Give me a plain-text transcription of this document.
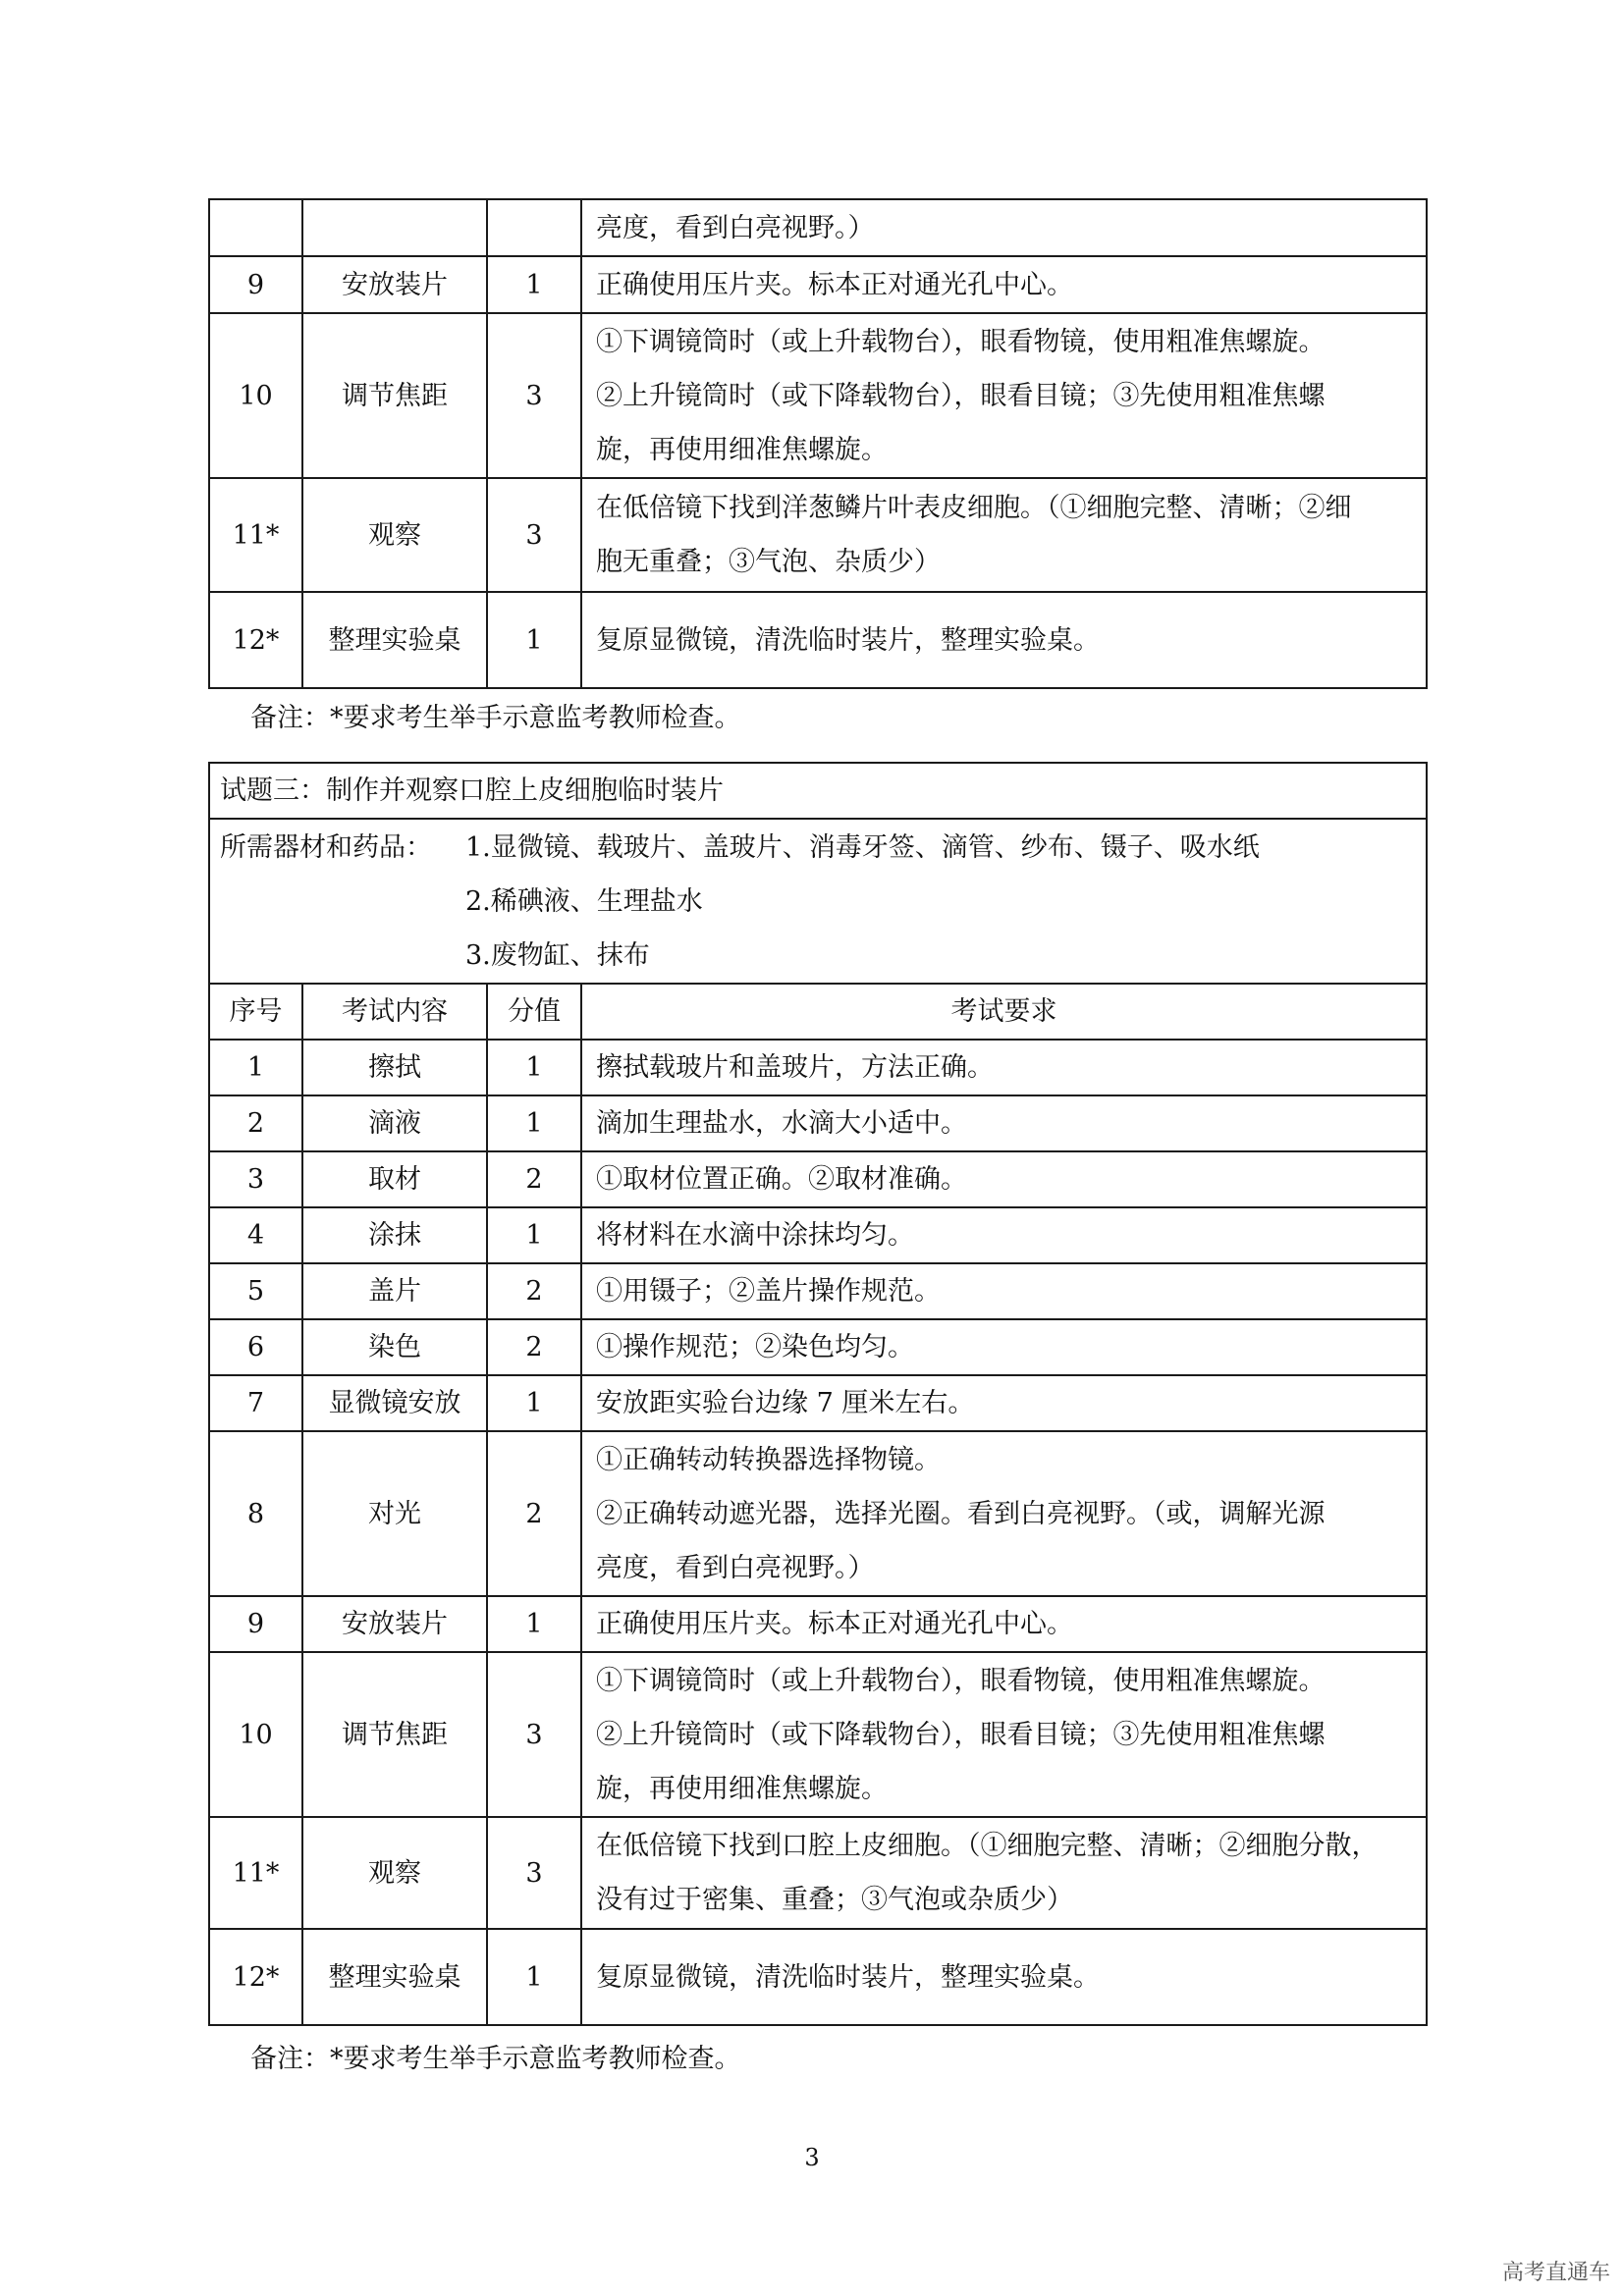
			亮度，看到白亮视野。）
9	安放装片	1	正确使用压片夹。标本正对通光孔中心。
10	调节焦距	3	①下调镜筒时（或上升载物台），眼看物镜，使用粗准焦螺旋。
②上升镜筒时（或下降载物台），眼看目镜；③先使用粗准焦螺
旋，再使用细准焦螺旋。

11*	观察	3	在低倍镜下找到洋葱鳞片叶表皮细胞。（①细胞完整、清晰；②细
胞无重叠；③气泡、杂质少）

12*	整理实验桌	1	复原显微镜，清洗临时装片，整理实验桌。
备注：*要求考生举手示意监考教师检查。
试题三：制作并观察口腔上皮细胞临时装片			

所需器材和药品： 1.显微镜、载玻片、盖玻片、消毒牙签、滴管、纱布、镊子、吸水纸
2.稀碘液、生理盐水
3.废物缸、抹布			

序号	考试内容	分值	考试要求
1	擦拭	1	擦拭载玻片和盖玻片，方法正确。
2	滴液	1	滴加生理盐水，水滴大小适中。
3	取材	2	①取材位置正确。②取材准确。
4	涂抹	1	将材料在水滴中涂抹均匀。
5	盖片	2	①用镊子；②盖片操作规范。
6	染色	2	①操作规范；②染色均匀。
7	显微镜安放	1	安放距实验台边缘 7 厘米左右。
8	对光	2	①正确转动转换器选择物镜。
②正确转动遮光器，选择光圈。看到白亮视野。（或，调解光源
亮度，看到白亮视野。）

9	安放装片	1	正确使用压片夹。标本正对通光孔中心。
10	调节焦距	3	①下调镜筒时（或上升载物台），眼看物镜，使用粗准焦螺旋。
②上升镜筒时（或下降载物台），眼看目镜；③先使用粗准焦螺
旋，再使用细准焦螺旋。

11*	观察	3	在低倍镜下找到口腔上皮细胞。（①细胞完整、清晰；②细胞分散，
没有过于密集、重叠；③气泡或杂质少）

12*	整理实验桌	1	复原显微镜，清洗临时装片，整理实验桌。
备注：*要求考生举手示意监考教师检查。
3
高考直通车
